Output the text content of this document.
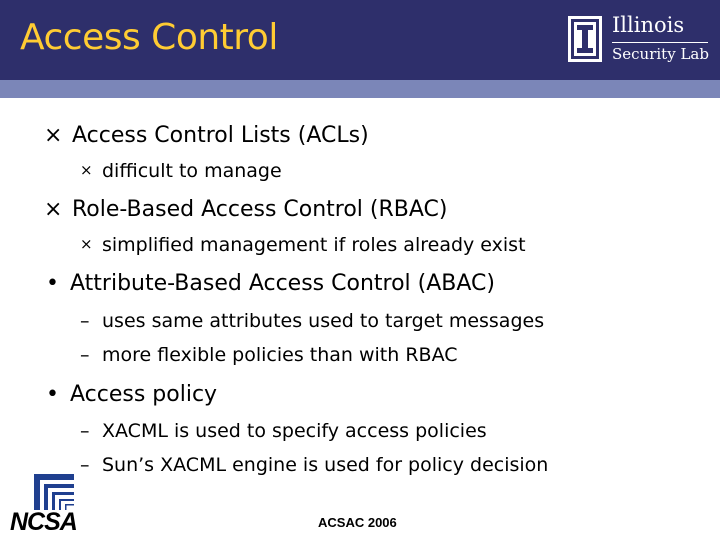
Access Control	Illinois
Security Lab
× Access Control Lists (ACLs)
× difficult to manage
× Role-Based Access Control (RBAC)
× simplified management if roles already exist
• Attribute-Based Access Control (ABAC)
– uses same attributes used to target messages
– more flexible policies than with RBAC
• Access policy
– XACML is used to specify access policies
– Sun’s XACML engine is used for policy decision
NCSA	ACSAC 2006
